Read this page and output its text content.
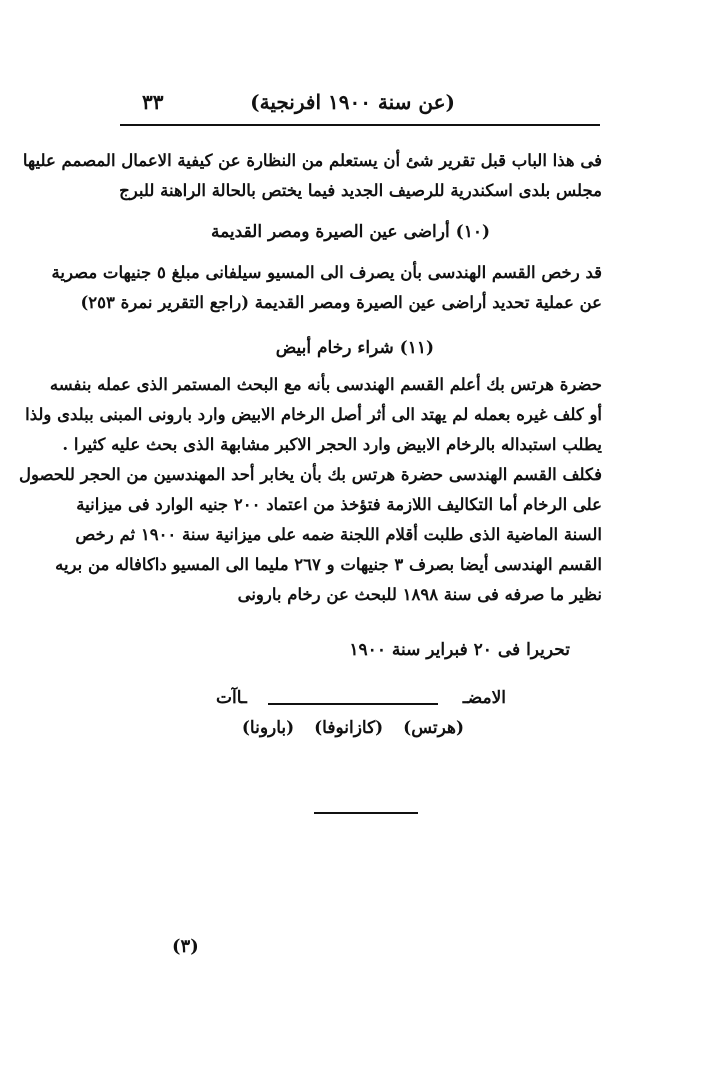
(عن سنة ١٩٠٠ افرنجية)
٣٣
فى هذا الباب قبل تقرير شئ أن يستعلم من النظارة عن كيفية الاعمال المصمم عليها
مجلس بلدى اسكندرية للرصيف الجديد فيما يختص بالحالة الراهنة للبرج
(١٠) أراضى عين الصيرة ومصر القديمة
قد رخص القسم الهندسى بأن يصرف الى المسيو سيلفانى مبلغ ٥ جنيهات مصرية
عن عملية تحديد أراضى عين الصيرة ومصر القديمة (راجع التقرير نمرة ٢٥٣)
(١١) شراء رخام أبيض
حضرة هرتس بك أعلم القسم الهندسى بأنه مع البحث المستمر الذى عمله بنفسه
أو كلف غيره بعمله لم يهتد الى أثر أصل الرخام الابيض وارد بارونى المبنى ببلدى ولذا
يطلب استبداله بالرخام الابيض وارد الحجر الاكبر مشابهة الذى بحث عليه كثيرا .
فكلف القسم الهندسى حضرة هرتس بك بأن يخابر أحد المهندسين من الحجر للحصول
على الرخام أما التكاليف اللازمة فتؤخذ من اعتماد ٢٠٠ جنيه الوارد فى ميزانية
السنة الماضية الذى طلبت أقلام اللجنة ضمه على ميزانية سنة ١٩٠٠ ثم رخص
القسم الهندسى أيضا بصرف ٣ جنيهات و ٢٦٧ مليما الى المسيو داكافاله من بريه
نظير ما صرفه فى سنة ١٨٩٨ للبحث عن رخام بارونى
تحريرا فى ٢٠ فبراير سنة ١٩٠٠
الامضـ
ـاآت
(هرتس) (كازانوفا) (بارونا)
(٣)
